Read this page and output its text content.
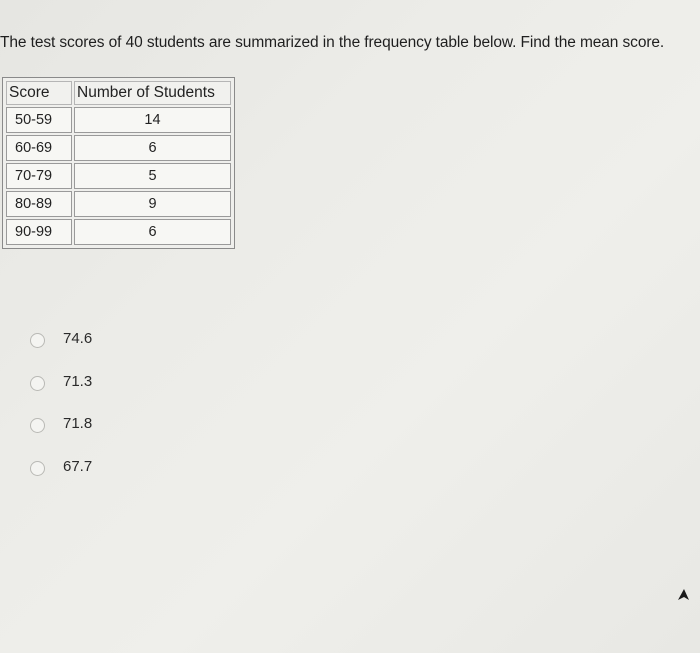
The test scores of 40 students are summarized in the frequency table below. Find the mean score.
Score	Number of Students
50-59	14
60-69	6
70-79	5
80-89	9
90-99	6
74.6
71.3
71.8
67.7
